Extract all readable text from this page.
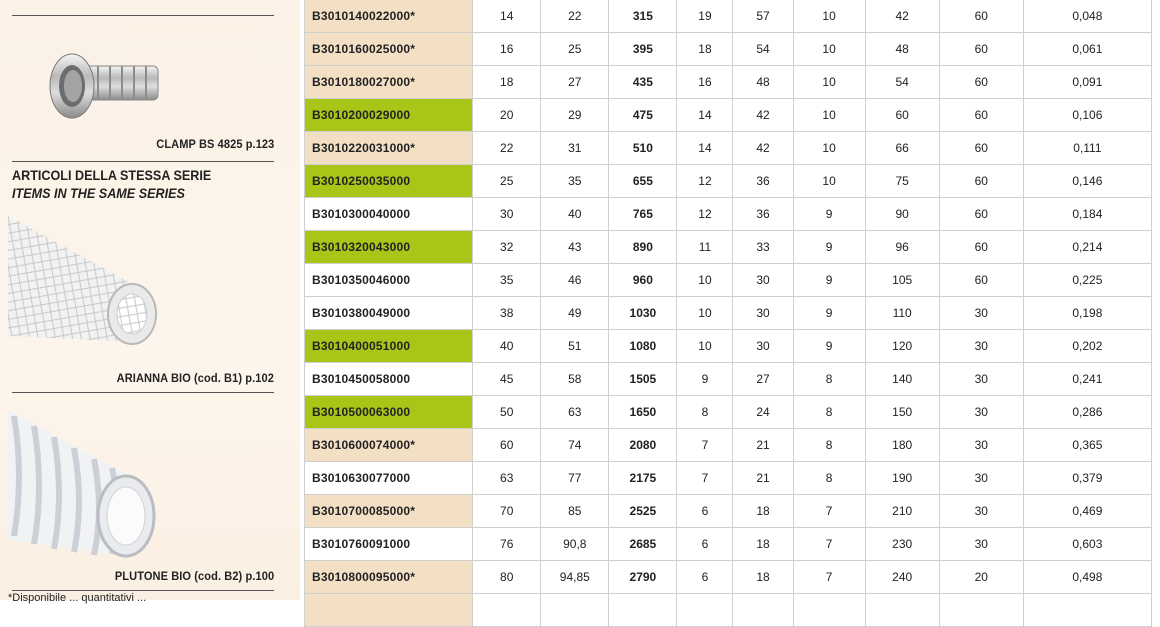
CLAMP BS 4825 p.123
ARTICOLI DELLA STESSA SERIE
ITEMS IN THE SAME SERIES
ARIANNA BIO (cod. B1) p.102
PLUTONE BIO (cod. B2) p.100
*Disponibile ... quantitativi ...
B3010140022000*	14	22	315	19	57	10	42	60	0,048
B3010160025000*	16	25	395	18	54	10	48	60	0,061
B3010180027000*	18	27	435	16	48	10	54	60	0,091
B3010200029000	20	29	475	14	42	10	60	60	0,106
B3010220031000*	22	31	510	14	42	10	66	60	0,111
B3010250035000	25	35	655	12	36	10	75	60	0,146
B3010300040000	30	40	765	12	36	9	90	60	0,184
B3010320043000	32	43	890	11	33	9	96	60	0,214
B3010350046000	35	46	960	10	30	9	105	60	0,225
B3010380049000	38	49	1030	10	30	9	110	30	0,198
B3010400051000	40	51	1080	10	30	9	120	30	0,202
B3010450058000	45	58	1505	9	27	8	140	30	0,241
B3010500063000	50	63	1650	8	24	8	150	30	0,286
B3010600074000*	60	74	2080	7	21	8	180	30	0,365
B3010630077000	63	77	2175	7	21	8	190	30	0,379
B3010700085000*	70	85	2525	6	18	7	210	30	0,469
B3010760091000	76	90,8	2685	6	18	7	230	30	0,603
B3010800095000*	80	94,85	2790	6	18	7	240	20	0,498
